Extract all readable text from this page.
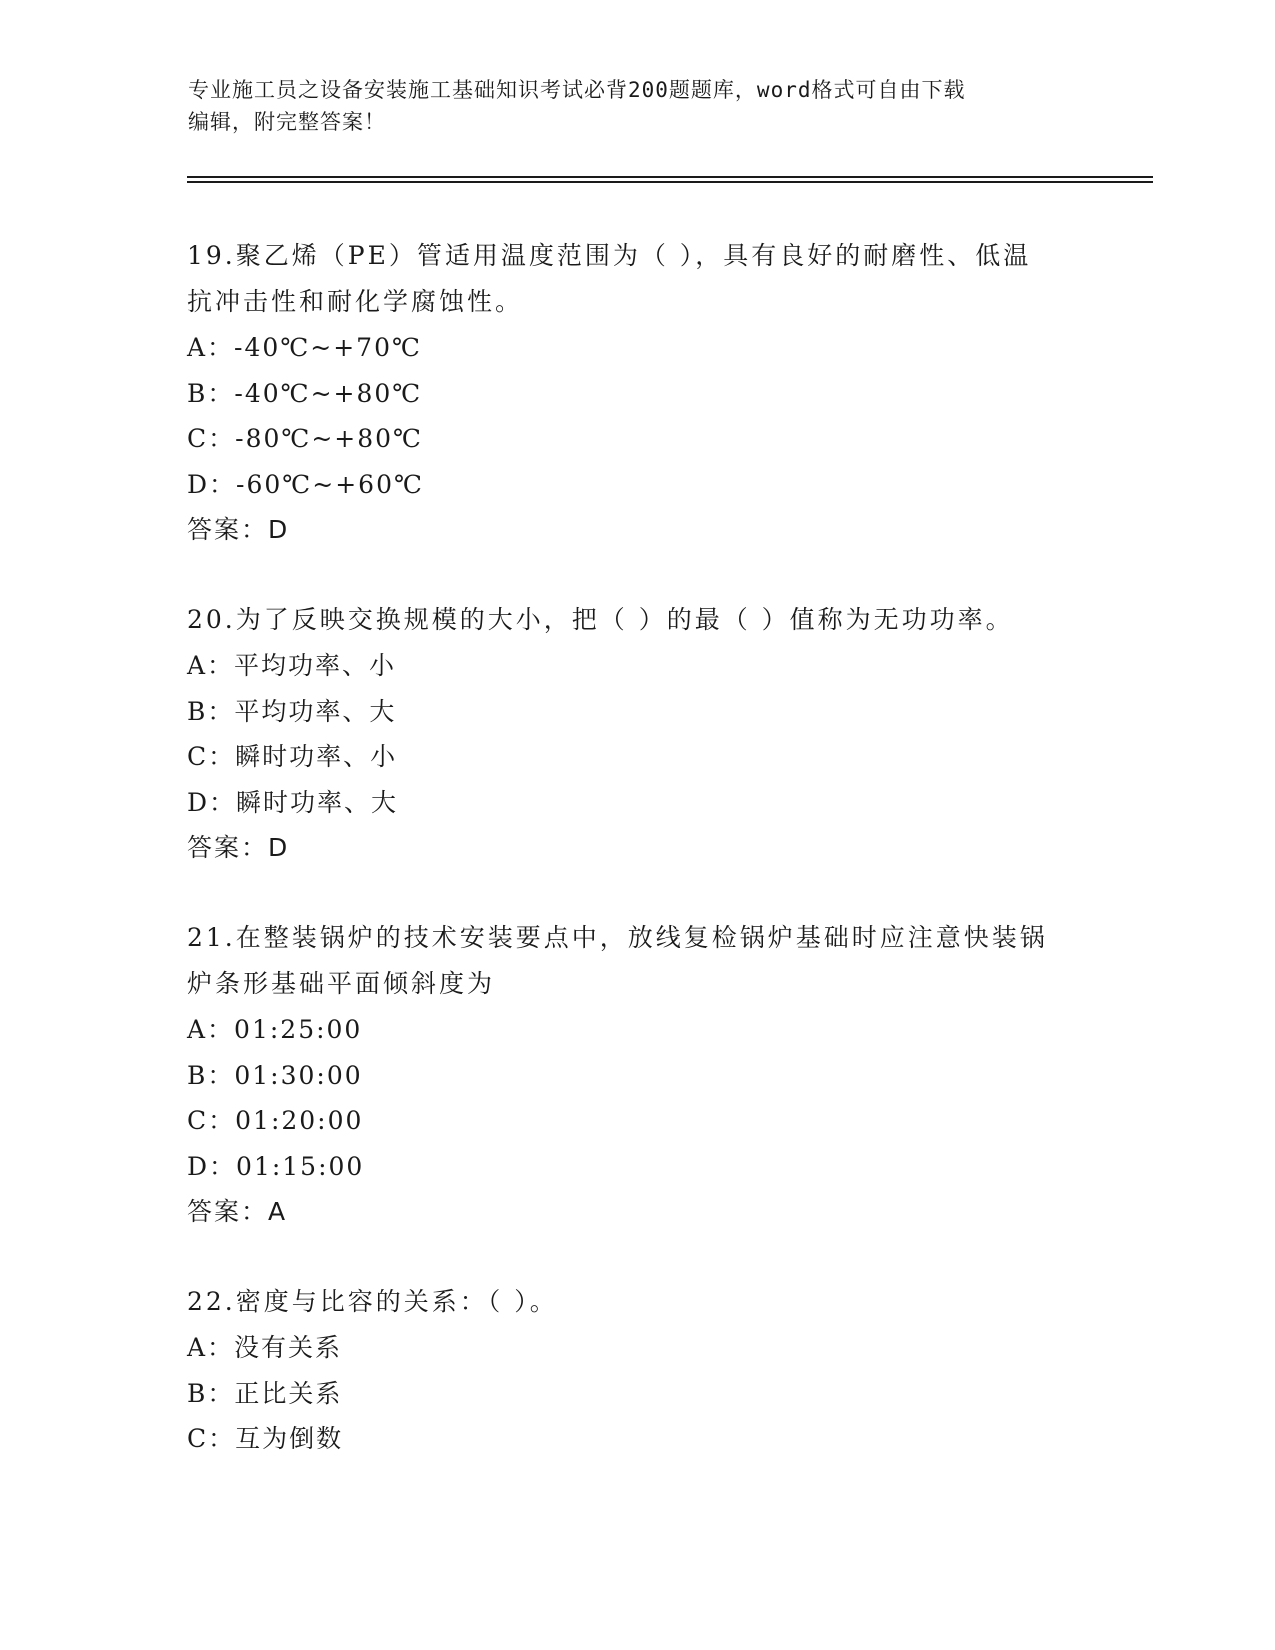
专业施工员之设备安装施工基础知识考试必背200题题库，word格式可自由下载
编辑，附完整答案！
19.聚乙烯（PE）管适用温度范围为（ ），具有良好的耐磨性、低温
抗冲击性和耐化学腐蚀性。
A：-40℃~+70℃
B：-40℃~+80℃
C：-80℃~+80℃
D：-60℃~+60℃
答案：D
20.为了反映交换规模的大小，把（ ）的最（ ）值称为无功功率。
A：平均功率、小
B：平均功率、大
C：瞬时功率、小
D：瞬时功率、大
答案：D
21.在整装锅炉的技术安装要点中，放线复检锅炉基础时应注意快装锅
炉条形基础平面倾斜度为
A：01:25:00
B：01:30:00
C：01:20:00
D：01:15:00
答案：A
22.密度与比容的关系：（ ）。
A：没有关系
B：正比关系
C：互为倒数
